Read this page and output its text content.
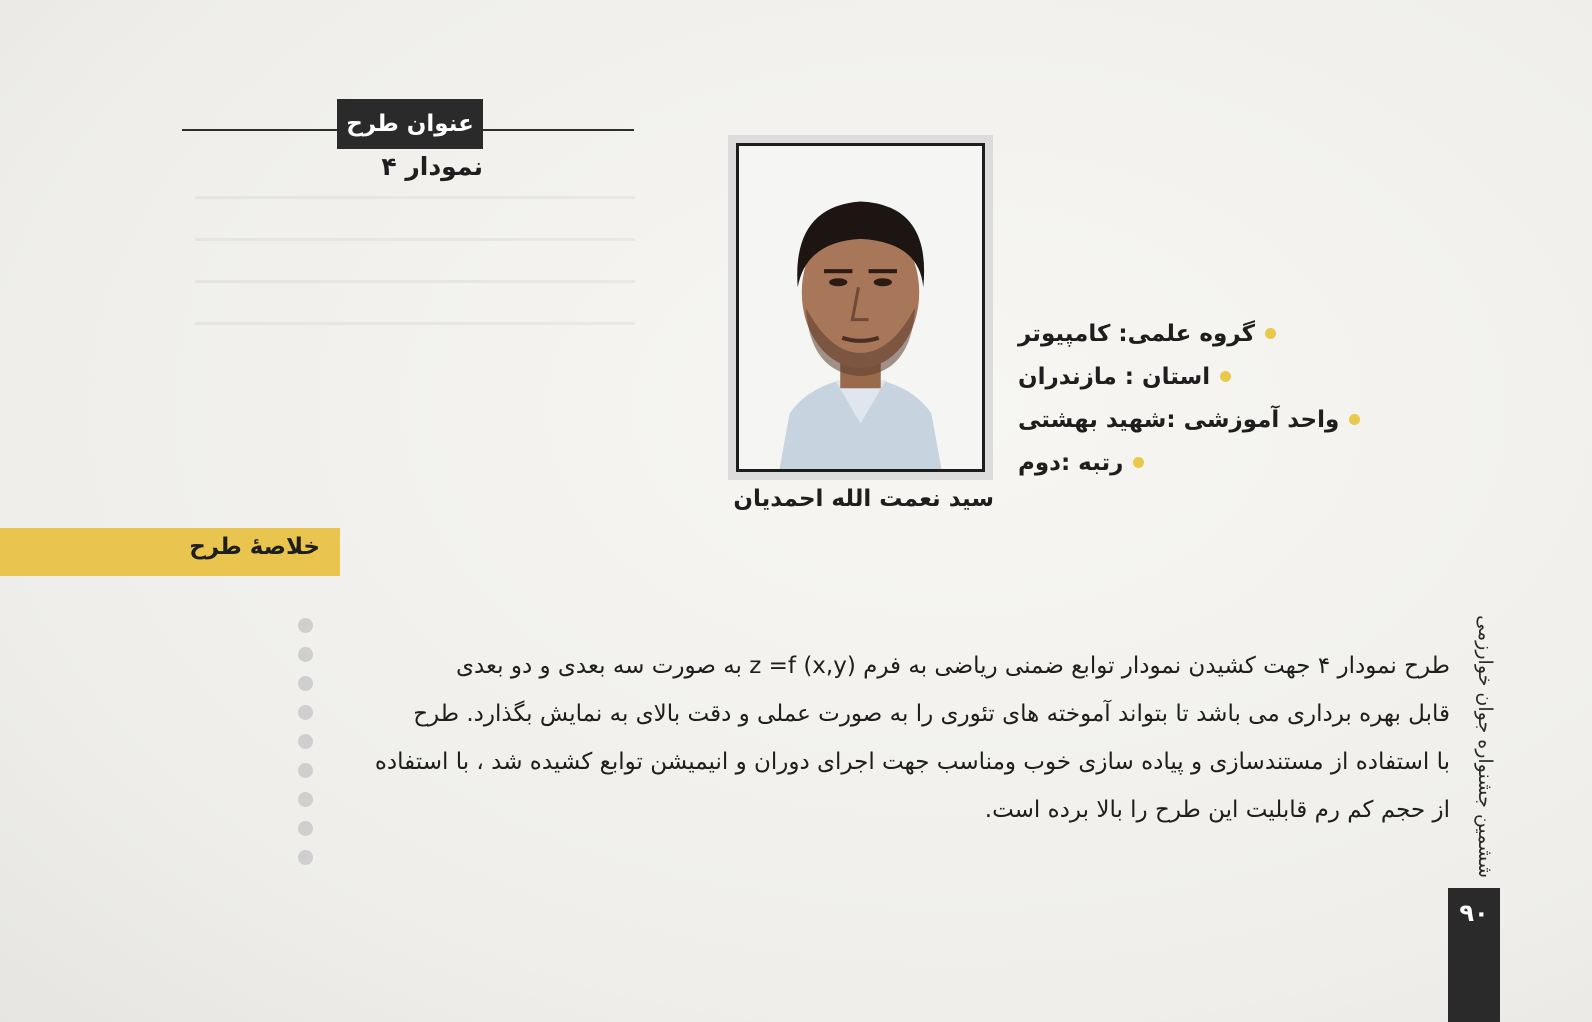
عنوان طرح
نمودار ۴
سید نعمت الله احمدیان
گروه علمی: کامپیوتر
استان : مازندران
واحد آموزشی :شهید بهشتی
رتبه :دوم
خلاصهٔ طرح
طرح نمودار ۴ جهت کشیدن نمودار توابع ضمنی ریاضی به فرم z =f (x,y) به صورت سه بعدی و دو بعدی
قابل بهره برداری می باشد تا بتواند آموخته های تئوری را به صورت عملی و دقت بالای به نمایش بگذارد. طرح
با استفاده از مستندسازی و پیاده سازی خوب ومناسب جهت اجرای دوران و انیمیشن توابع کشیده شد ، با استفاده
از حجم کم رم قابلیت این طرح را بالا برده است.
۹۰
ششمین جشنواره جوان خوارزمی
